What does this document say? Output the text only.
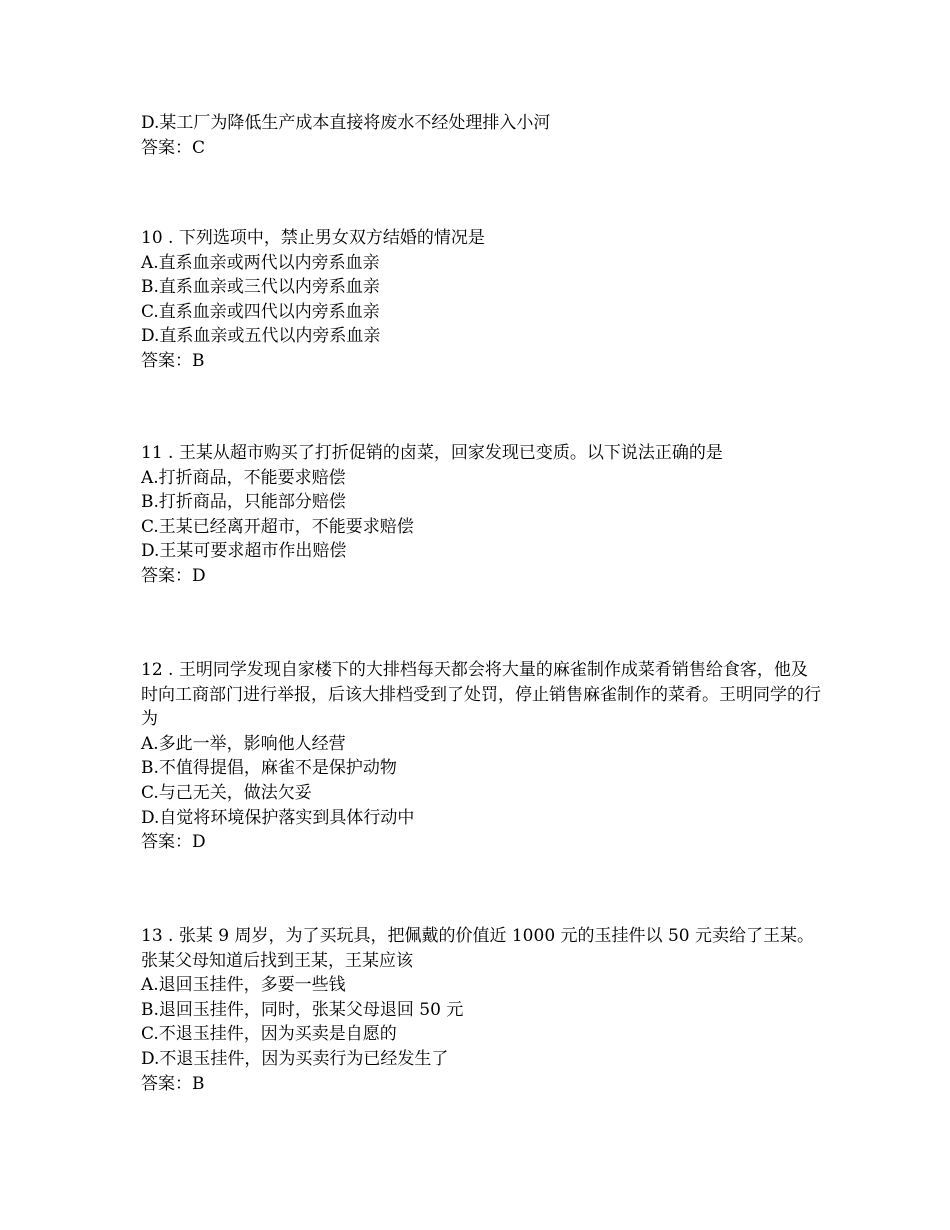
D.某工厂为降低生产成本直接将废水不经处理排入小河

答案：C

10 . 下列选项中，禁止男女双方结婚的情况是

A.直系血亲或两代以内旁系血亲

B.直系血亲或三代以内旁系血亲

C.直系血亲或四代以内旁系血亲

D.直系血亲或五代以内旁系血亲

答案：B

11 . 王某从超市购买了打折促销的卤菜，回家发现已变质。以下说法正确的是

A.打折商品，不能要求赔偿

B.打折商品，只能部分赔偿

C.王某已经离开超市，不能要求赔偿

D.王某可要求超市作出赔偿

答案：D

12 . 王明同学发现自家楼下的大排档每天都会将大量的麻雀制作成菜肴销售给食客，他及时向工商部门进行举报，后该大排档受到了处罚，停止销售麻雀制作的菜肴。王明同学的行为

A.多此一举，影响他人经营

B.不值得提倡，麻雀不是保护动物

C.与己无关，做法欠妥

D.自觉将环境保护落实到具体行动中

答案：D

13 . 张某 9 周岁，为了买玩具，把佩戴的价值近 1000 元的玉挂件以 50 元卖给了王某。张某父母知道后找到王某，王某应该

A.退回玉挂件，多要一些钱

B.退回玉挂件，同时，张某父母退回 50 元

C.不退玉挂件，因为买卖是自愿的

D.不退玉挂件，因为买卖行为已经发生了

答案：B
